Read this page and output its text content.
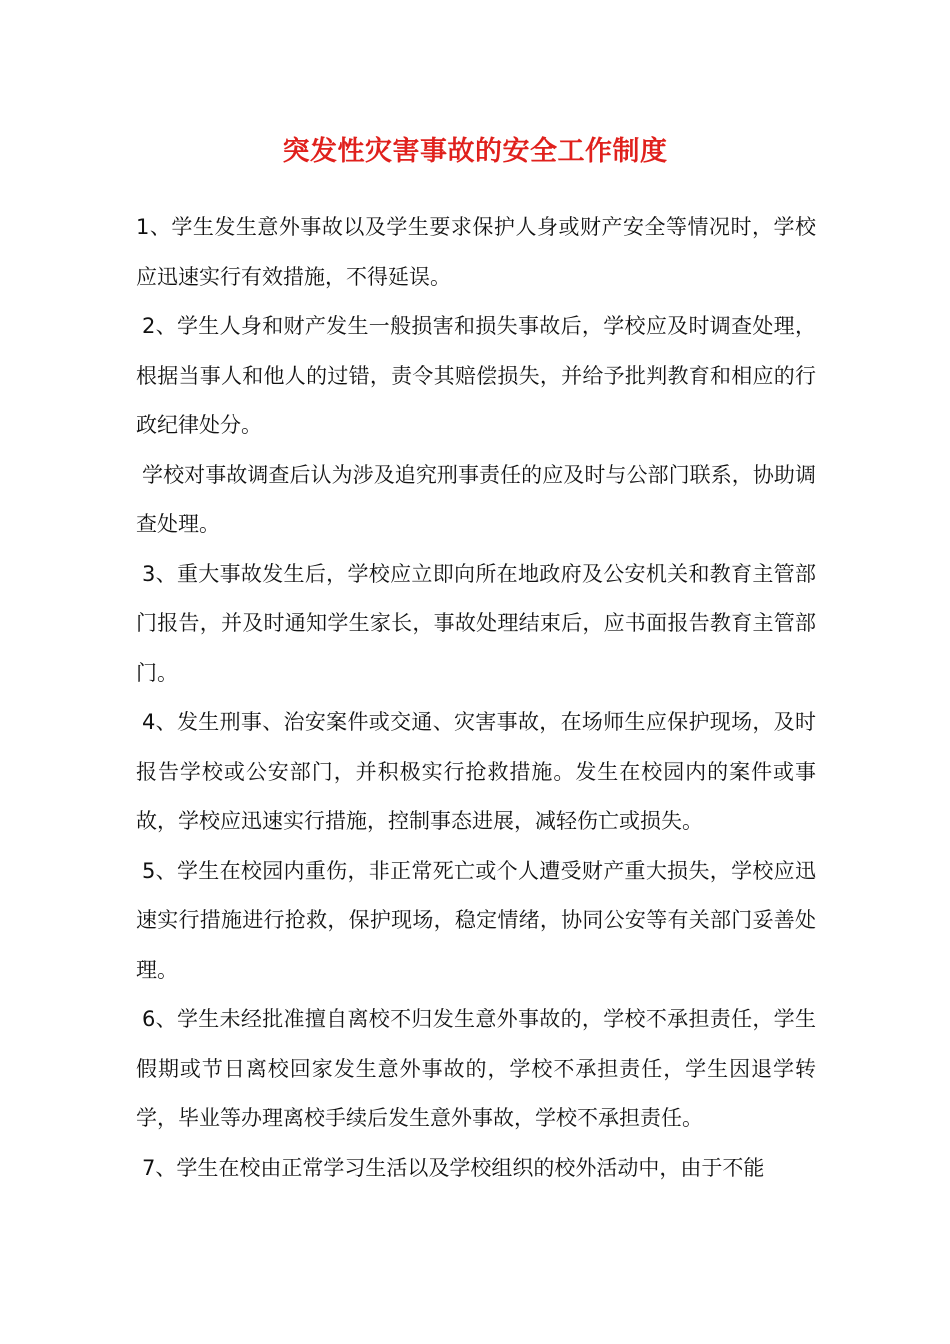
突发性灾害事故的安全工作制度

1、学生发生意外事故以及学生要求保护人身或财产安全等情况时，学校应迅速实行有效措施，不得延误。

2、学生人身和财产发生一般损害和损失事故后，学校应及时调查处理，根据当事人和他人的过错，责令其赔偿损失，并给予批判教育和相应的行政纪律处分。

学校对事故调查后认为涉及追究刑事责任的应及时与公部门联系，协助调查处理。

3、重大事故发生后，学校应立即向所在地政府及公安机关和教育主管部门报告，并及时通知学生家长，事故处理结束后，应书面报告教育主管部门。

4、发生刑事、治安案件或交通、灾害事故，在场师生应保护现场，及时报告学校或公安部门，并积极实行抢救措施。发生在校园内的案件或事故，学校应迅速实行措施，控制事态进展，减轻伤亡或损失。

5、学生在校园内重伤，非正常死亡或个人遭受财产重大损失，学校应迅速实行措施进行抢救，保护现场，稳定情绪，协同公安等有关部门妥善处理。

6、学生未经批准擅自离校不归发生意外事故的，学校不承担责任，学生假期或节日离校回家发生意外事故的，学校不承担责任，学生因退学转学，毕业等办理离校手续后发生意外事故，学校不承担责任。

7、学生在校由正常学习生活以及学校组织的校外活动中，由于不能
